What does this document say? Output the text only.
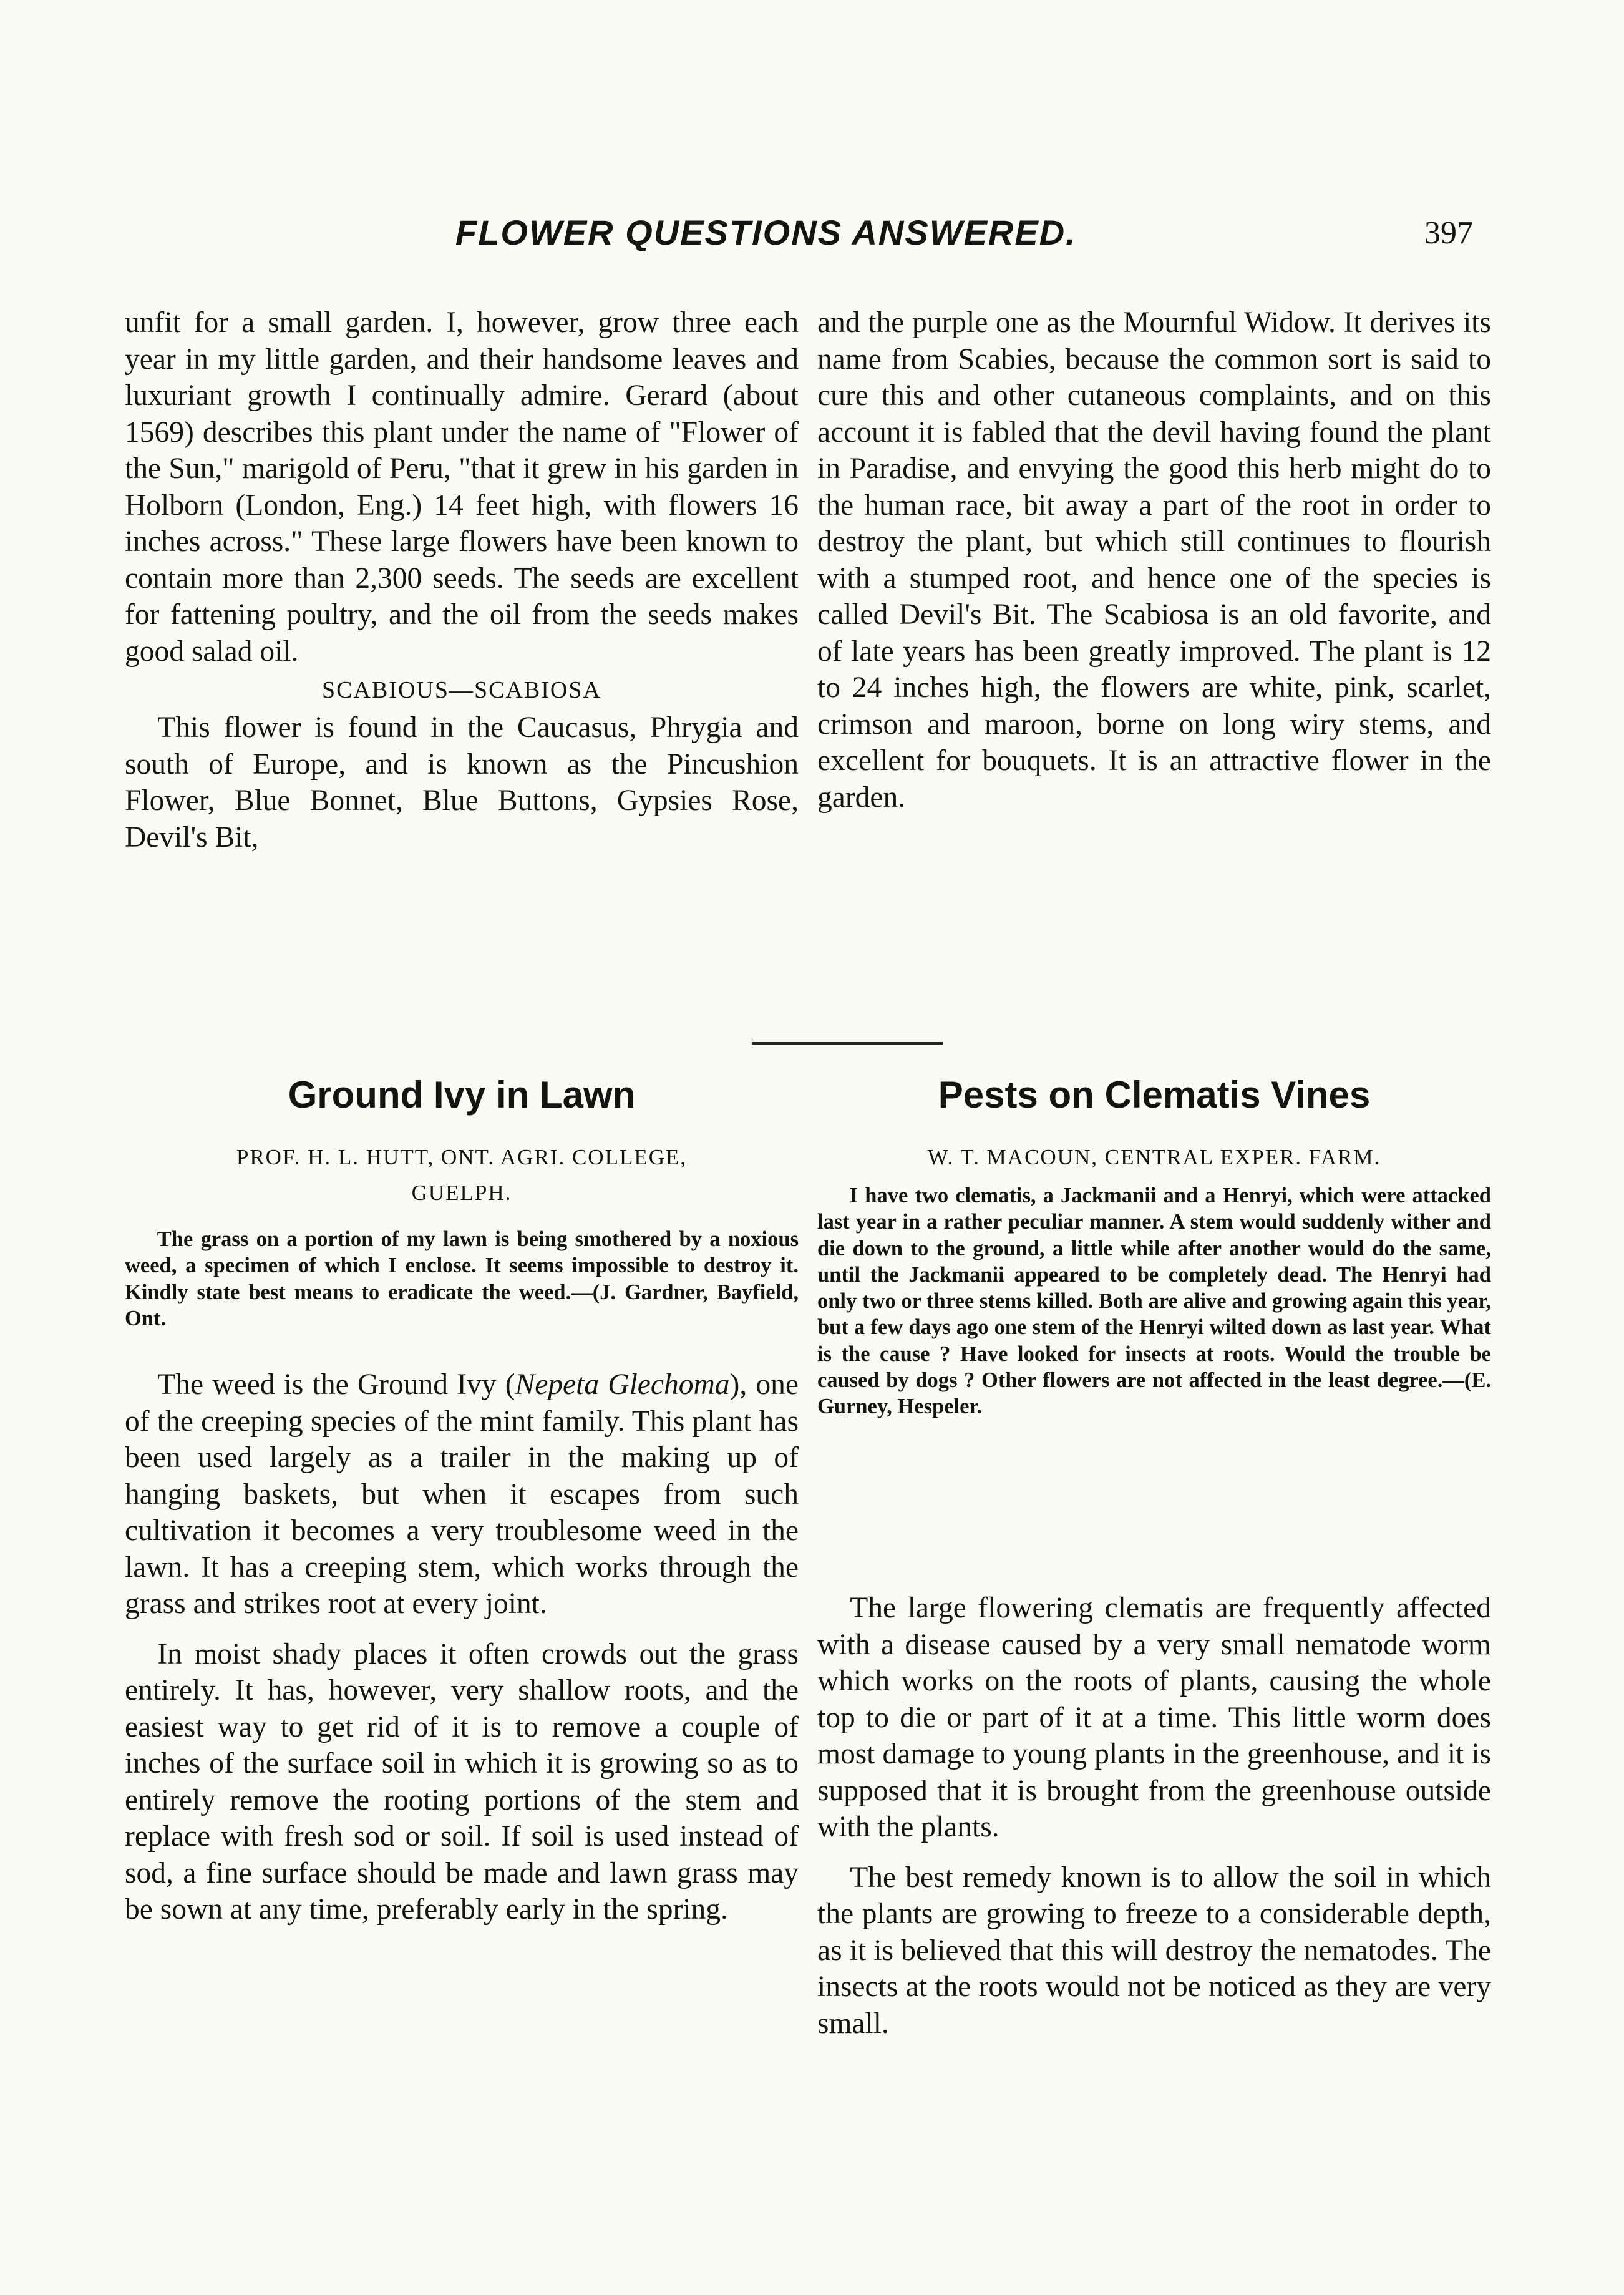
FLOWER QUESTIONS ANSWERED.	397

unfit for a small garden. I, however, grow three each year in my little garden, and their handsome leaves and luxuriant growth I continually admire. Gerard (about 1569) describes this plant under the name of "Flower of the Sun," marigold of Peru, "that it grew in his garden in Holborn (London, Eng.) 14 feet high, with flowers 16 inches across." These large flowers have been known to contain more than 2,300 seeds. The seeds are excellent for fattening poultry, and the oil from the seeds makes good salad oil.

SCABIOUS—SCABIOSA

This flower is found in the Caucasus, Phrygia and south of Europe, and is known as the Pincushion Flower, Blue Bonnet, Blue Buttons, Gypsies Rose, Devil's Bit,

and the purple one as the Mournful Widow. It derives its name from Scabies, because the common sort is said to cure this and other cutaneous complaints, and on this account it is fabled that the devil having found the plant in Paradise, and envying the good this herb might do to the human race, bit away a part of the root in order to destroy the plant, but which still continues to flourish with a stumped root, and hence one of the species is called Devil's Bit. The Scabiosa is an old favorite, and of late years has been greatly improved. The plant is 12 to 24 inches high, the flowers are white, pink, scarlet, crimson and maroon, borne on long wiry stems, and excellent for bouquets. It is an attractive flower in the garden.

Ground Ivy in Lawn
PROF. H. L. HUTT, ONT. AGRI. COLLEGE,
GUELPH.

The grass on a portion of my lawn is being smothered by a noxious weed, a specimen of which I enclose. It seems impossible to destroy it. Kindly state best means to eradicate the weed.—(J. Gardner, Bayfield, Ont.

The weed is the Ground Ivy (Nepeta Glechoma), one of the creeping species of the mint family. This plant has been used largely as a trailer in the making up of hanging baskets, but when it escapes from such cultivation it becomes a very troublesome weed in the lawn. It has a creeping stem, which works through the grass and strikes root at every joint.

In moist shady places it often crowds out the grass entirely. It has, however, very shallow roots, and the easiest way to get rid of it is to remove a couple of inches of the surface soil in which it is growing so as to entirely remove the rooting portions of the stem and replace with fresh sod or soil. If soil is used instead of sod, a fine surface should be made and lawn grass may be sown at any time, preferably early in the spring.

Pests on Clematis Vines
W. T. MACOUN, CENTRAL EXPER. FARM.

I have two clematis, a Jackmanii and a Henryi, which were attacked last year in a rather peculiar manner. A stem would suddenly wither and die down to the ground, a little while after another would do the same, until the Jackmanii appeared to be completely dead. The Henryi had only two or three stems killed. Both are alive and growing again this year, but a few days ago one stem of the Henryi wilted down as last year. What is the cause ? Have looked for insects at roots. Would the trouble be caused by dogs ? Other flowers are not affected in the least degree.—(E. Gurney, Hespeler.

The large flowering clematis are frequently affected with a disease caused by a very small nematode worm which works on the roots of plants, causing the whole top to die or part of it at a time. This little worm does most damage to young plants in the greenhouse, and it is supposed that it is brought from the greenhouse outside with the plants.

The best remedy known is to allow the soil in which the plants are growing to freeze to a considerable depth, as it is believed that this will destroy the nematodes. The insects at the roots would not be noticed as they are very small.
